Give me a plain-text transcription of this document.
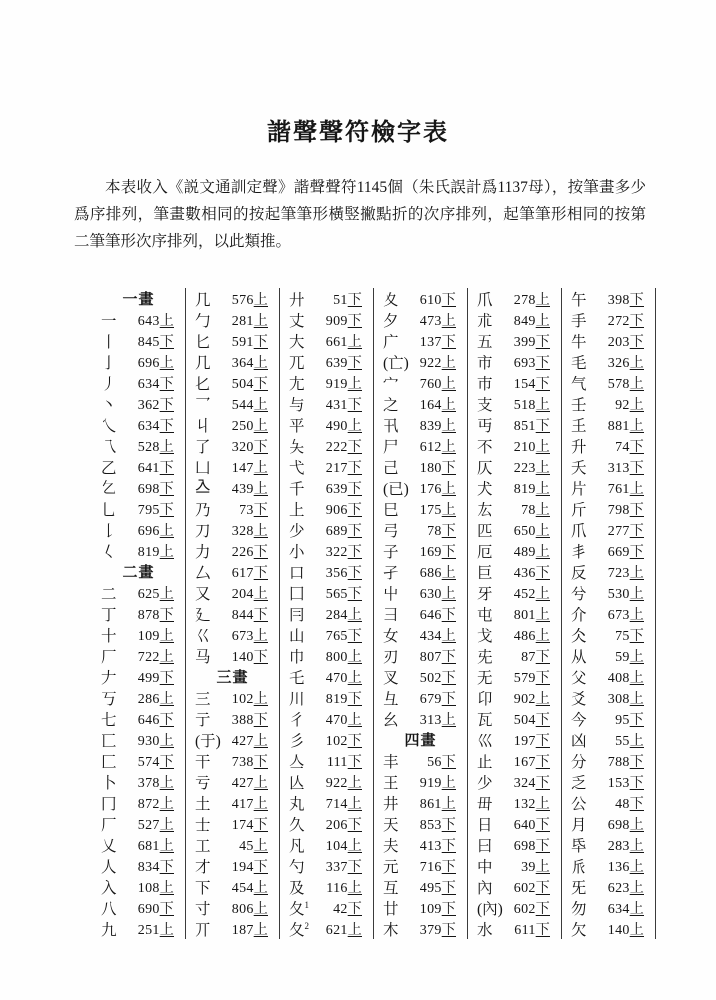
諧聲聲符檢字表
本表收入《説文通訓定聲》諧聲聲符1145個（朱氏誤計爲1137母），按筆畫多少爲序排列，筆畫數相同的按起筆筆形橫竪撇點折的次序排列，起筆筆形相同的按第二筆筆形次序排列，以此類推。
一畫
一 643上
丨 845下
亅 696上
丿 634下
丶 362下
乀 634下
乁 528上
乙 641下
𠃉 698下
乚 795下
𠄌 696上
𡿨 819上
二畫
二 625上
丁 878下
十 109上
厂 722上
𠂇 499下
丂 286上
七 646下
匸 930上
匚 574下
卜 378上
冂 872上
厂 527上
乂 681上
人 834下
入 108上
八 690下
九 251上
几 576上
勹 281上
匕 591下
几 364上
𠤎 504下
乛 544上
丩 250上
了 320下
凵 147上
𠓛 439上
乃 73下
刀 328上
力 226下
厶 617下
又 204上
廴 844下
巜 673上
马 140下
三畫
三 102上
亍 388下
(于) 427上
干 738下
亏 427上
土 417上
士 174下
工 45上
才 194下
下 454上
寸 806上
丌 187上
廾 51下
丈 909下
大 661上
兀 639下
尢 919上
与 431下
平 490上
夨 222下
弋 217下
千 639下
上 906下
少 689下
小 322下
口 356下
囗 565下
冃 284上
山 765下
巾 800上
乇 470上
川 819下
彳 470上
彡 102下
亼 111下
亾 922上
丸 714上
久 206下
凡 104上
勺 337下
及 116上
夂$^1$ 42下
夂$^2$ 621上
夊 610下
夕 473上
广 137下
(亡) 922上
宀 760上
之 164上
卂 839上
尸 612上
己 180下
(已) 176上
巳 175上
弓 78下
子 169下
孑 686上
屮 630上
彐 646下
女 434上
刃 807下
叉 502下
彑 679下
幺 313上
四畫
丰 56下
王 919上
井 861上
天 853下
夫 413下
元 716下
互 495下
廿 109下
木 379下
爪 278上
朮 849上
五 399下
市 693下
巿 154下
支 518上
丏 851下
不 210上
仄 223上
犬 819上
厷 78上
匹 650上
厄 489上
巨 436下
牙 452上
屯 801上
戈 486上
兂 87下
无 579下
卬 902上
瓦 504下
巛 197下
止 167下
少 324下
毌 132上
日 640下
曰 698下
中 39上
內 602下
(內) 602下
水 611下
午 398下
手 272下
牛 203下
毛 326上
气 578上
壬 92上
𡈼 881上
升 74下
夭 313下
片 761上
斤 798下
爪 277下
丯 669下
反 723上
兮 530上
介 673上
仌 75下
从 59上
父 408上
爻 308上
今 95下
凶 55上
分 788下
乏 153下
公 48下
月 698上
氒 283上
𠂢 136上
旡 623上
勿 634上
欠 140上
